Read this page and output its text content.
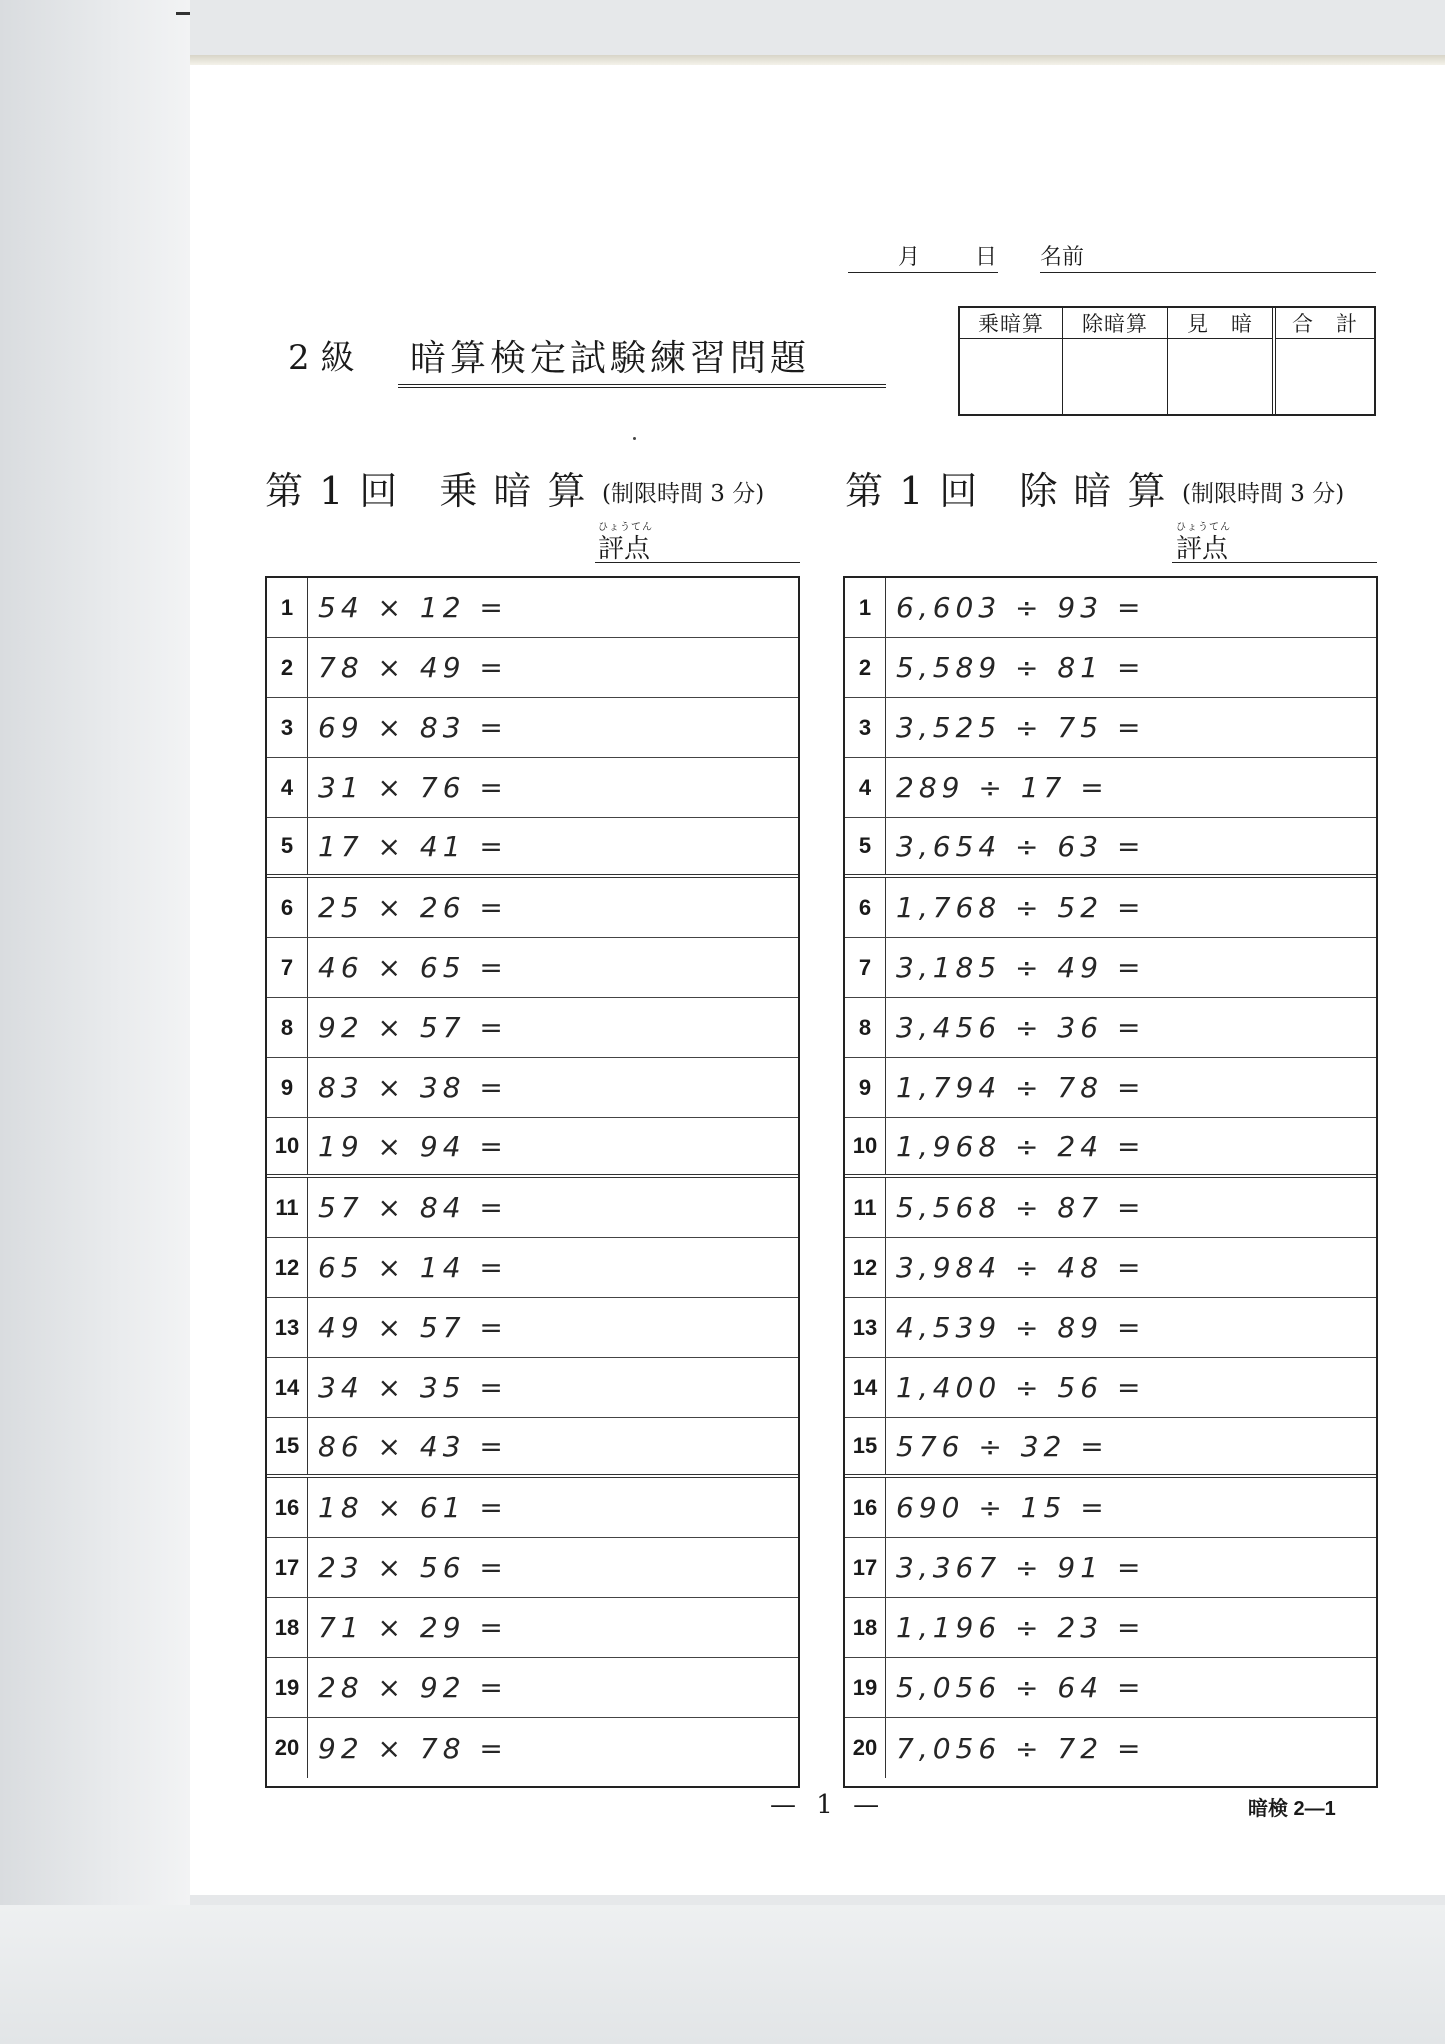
月 日 名前
乗暗算	除暗算	見　暗	合　計
2 級 暗算検定試験練習問題
第 1 回　乗 暗 算 (制限時間 3 分)
ひょうてん
評点
第 1 回　除 暗 算 (制限時間 3 分)
ひょうてん
評点
1 54 × 12 =
2 78 × 49 =
3 69 × 83 =
4 31 × 76 =
5 17 × 41 =
6 25 × 26 =
7 46 × 65 =
8 92 × 57 =
9 83 × 38 =
10 19 × 94 =
11 57 × 84 =
12 65 × 14 =
13 49 × 57 =
14 34 × 35 =
15 86 × 43 =
16 18 × 61 =
17 23 × 56 =
18 71 × 29 =
19 28 × 92 =
20 92 × 78 =
1 6,603 ÷ 93 =
2 5,589 ÷ 81 =
3 3,525 ÷ 75 =
4 289 ÷ 17 =
5 3,654 ÷ 63 =
6 1,768 ÷ 52 =
7 3,185 ÷ 49 =
8 3,456 ÷ 36 =
9 1,794 ÷ 78 =
10 1,968 ÷ 24 =
11 5,568 ÷ 87 =
12 3,984 ÷ 48 =
13 4,539 ÷ 89 =
14 1,400 ÷ 56 =
15 576 ÷ 32 =
16 690 ÷ 15 =
17 3,367 ÷ 91 =
18 1,196 ÷ 23 =
19 5,056 ÷ 64 =
20 7,056 ÷ 72 =
— 1 —	暗検 2—1
